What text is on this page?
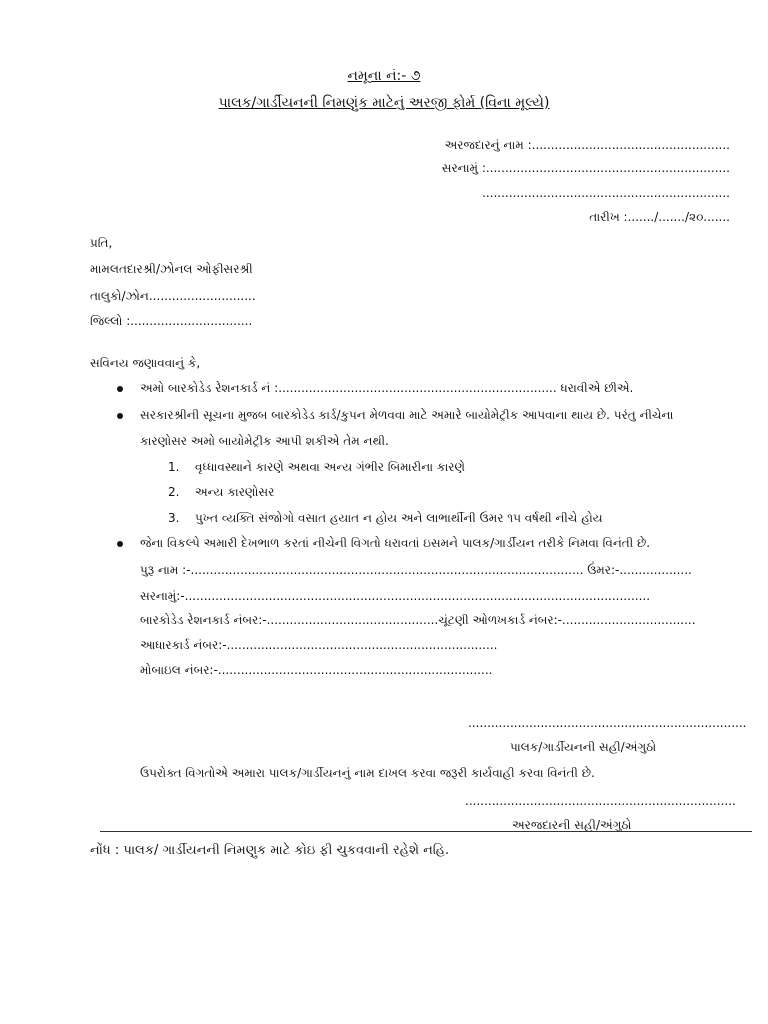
નમૂના નં:- ૭
પાલક/ગાર્ડીયનની નિમણુંક માટેનું અરજી ફોર્મ (વિના મૂલ્યે)
અરજદારનું નામ :....................................................
સરનામું :................................................................
.................................................................
તારીખ :......./......./૨૦.......
પ્રતિ,
મામલતદારશ્રી/ઝોનલ ઓફીસરશ્રી
તાલુકો/ઝોન............................
જિલ્લો :................................
સવિનય જણાવવાનું કે,
અમો બારકોડેડ રેશનકાર્ડ નં :......................................................................... ધરાવીએ છીએ.
સરકારશ્રીની સૂચના મુજબ બારકોડેડ કાર્ડ/કુપન મેળવવા માટે અમારે બાયોમેટ્રીક આપવાના થાય છે. પરંતુ નીચેના
કારણોસર અમો બાયોમેટ્રીક આપી શકીએ તેમ નથી.
1. વૃધ્ધાવસ્થાને કારણે અથવા અન્ય ગંભીર બિમારીના કારણે
2. અન્ય કારણોસર
3. પુખ્ત વ્યક્તિ સંજોગો વસાત હયાત ન હોય અને લાભાર્થીની ઉમર ૧૫ વર્ષથી નીચે હોય
જેના વિકલ્પે અમારી દેખભાળ કરતાં નીચેની વિગતો ધરાવતાં ઇસમને પાલક/ગાર્ડીયન તરીકે નિમવા વિનંતી છે.
પુરૂ નામ :-....................................................................................................... ઉંમર:-...................
સરનામું:-..........................................................................................................................
બારકોડેડ રેશનકાર્ડ નંબર:-.............................................ચૂંટણી ઓળખકાર્ડ નંબર:-...................................
આધારકાર્ડ નંબર:-.......................................................................
મોબાઇલ નંબર:-........................................................................
.........................................................................
પાલક/ગાર્ડીયનની સહી/અંગુઠો
ઉપરોક્ત વિગતોએ અમારા પાલક/ગાર્ડીયનનું નામ દાખલ કરવા જરૂરી કાર્યવાહી કરવા વિનંતી છે.
.......................................................................
અરજદારની સહી/અંગુઠો
નોંધ : પાલક/ ગાર્ડીયનની નિમણુક માટે કોઇ ફી ચુકવવાની રહેશે નહિ.
